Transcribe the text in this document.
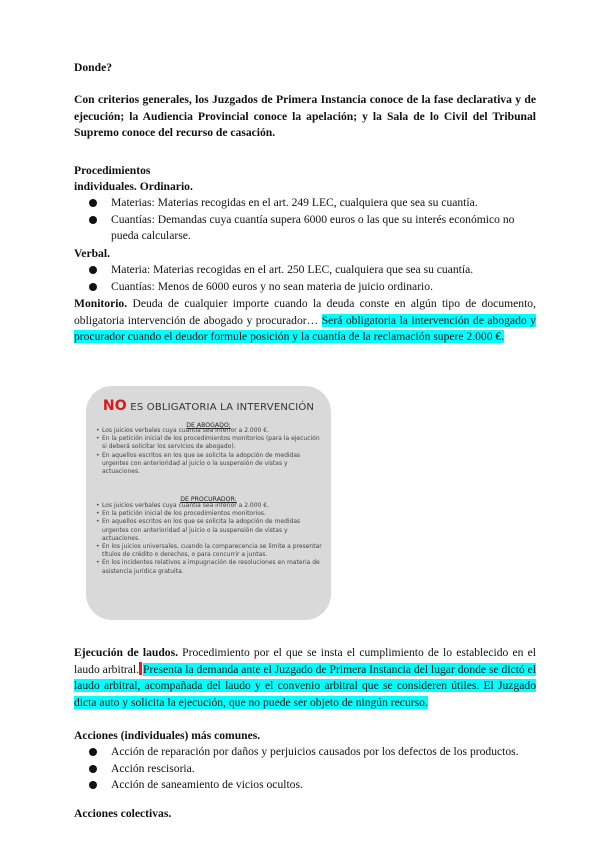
Donde?

Con criterios generales, los Juzgados de Primera Instancia conoce de la fase declarativa y de ejecución; la Audiencia Provincial conoce la apelación; y la Sala de lo Civil del Tribunal Supremo conoce del recurso de casación.

Procedimientos

individuales. Ordinario.

Materias: Materias recogidas en el art. 249 LEC, cualquiera que sea su cuantía.
Cuantías: Demandas cuya cuantía supera 6000 euros o las que su interés económico no pueda calcularse.

Verbal.

Materia: Materias recogidas en el art. 250 LEC, cualquiera que sea su cuantía.
Cuantías: Menos de 6000 euros y no sean materia de juicio ordinario.

Monitorio. Deuda de cualquier importe cuando la deuda conste en algún tipo de documento, obligatoria intervención de abogado y procurador… Será obligatoria la intervención de abogado y procurador cuando el deudor formule posición y la cuantía de la reclamación supere 2.000 €.

NO ES OBLIGATORIA LA INTERVENCIÓN
DE ABOGADO:
• Los juicios verbales cuya cuantía sea inferior a 2.000 €.
• En la petición inicial de los procedimientos monitorios (para la ejecución si deberá solicitar los servicios de abogado).
• En aquellos escritos en los que se solicita la adopción de medidas urgentes con anterioridad al juicio o la suspensión de vistas y actuaciones.
DE PROCURADOR:
• Los juicios verbales cuya cuantía sea inferior a 2.000 €.
• En la petición inicial de los procedimientos monitorios.
• En aquellos escritos en los que se solicita la adopción de medidas urgentes con anterioridad al juicio o la suspensión de vistas y actuaciones.
• En los juicios universales, cuando la comparecencia se limite a presentar títulos de crédito o derechos, o para concurrir a juntas.
• En los incidentes relativos a impugnación de resoluciones en materia de asistencia jurídica gratuita.

Ejecución de laudos. Procedimiento por el que se insta el cumplimiento de lo establecido en el laudo arbitral. Presenta la demanda ante el Juzgado de Primera Instancia del lugar donde se dictó el laudo arbitral, acompañada del laudo y el convenio arbitral que se consideren útiles. El Juzgado dicta auto y solicita la ejecución, que no puede ser objeto de ningún recurso.

Acciones (individuales) más comunes.

Acción de reparación por daños y perjuicios causados por los defectos de los productos.
Acción rescisoria.
Acción de saneamiento de vicios ocultos.

Acciones colectivas.
